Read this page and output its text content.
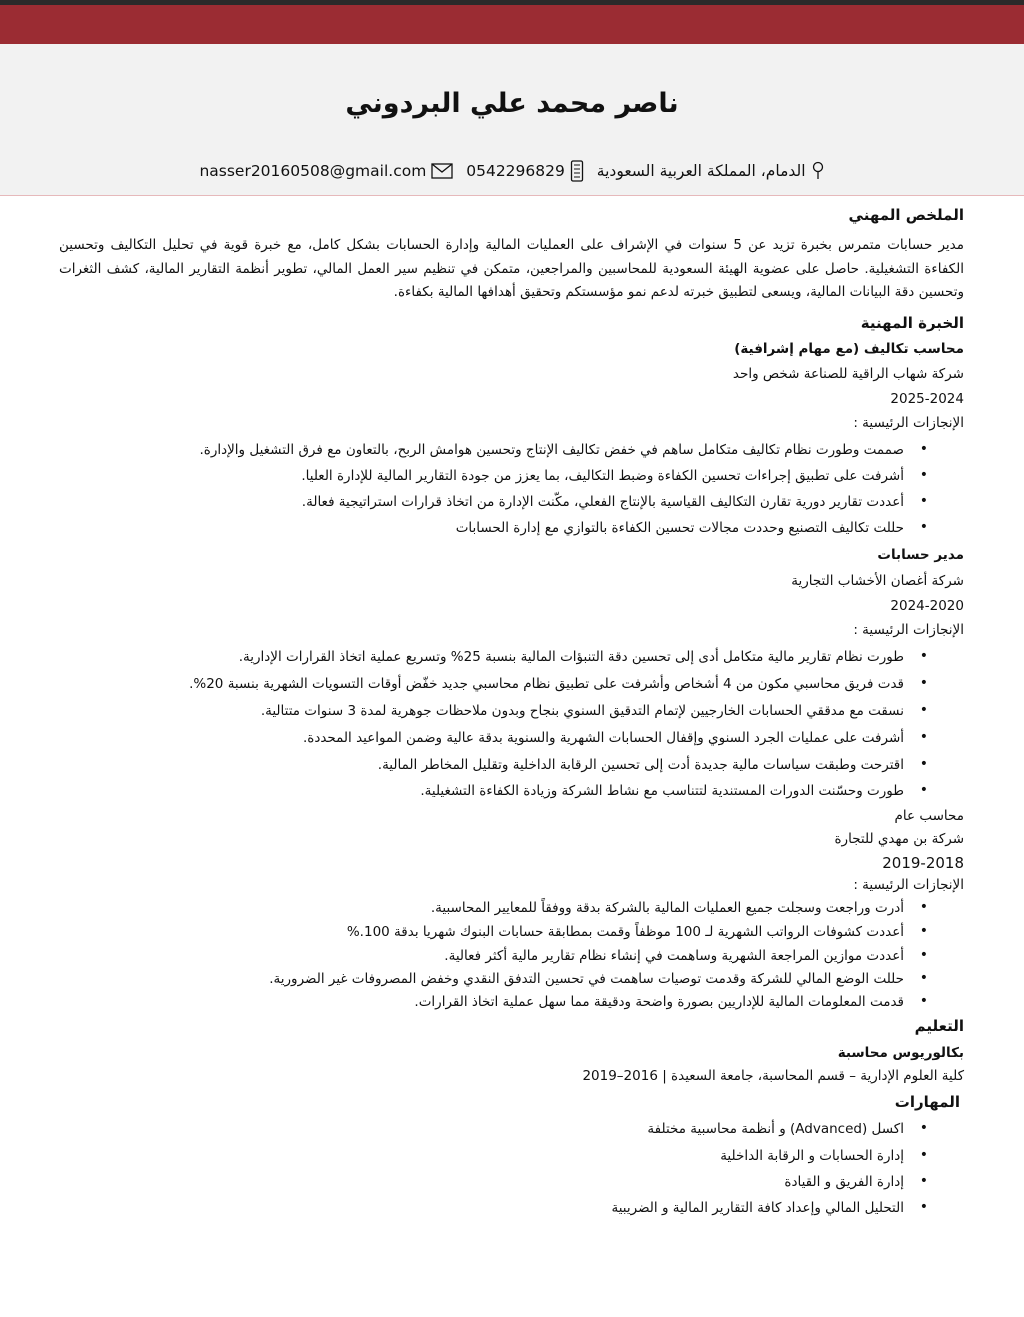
ناصر محمد علي البردوني
الدمام، المملكة العربية السعودية

0542296829

nasser20160508@gmail.com
الملخص المهني
مدير حسابات متمرس بخبرة تزيد عن 5 سنوات في الإشراف على العمليات المالية وإدارة الحسابات بشكل كامل، مع خبرة قوية في تحليل التكاليف وتحسين الكفاءة التشغيلية. حاصل على عضوية الهيئة السعودية للمحاسبين والمراجعين، متمكن في تنظيم سير العمل المالي، تطوير أنظمة التقارير المالية، كشف الثغرات وتحسين دقة البيانات المالية، ويسعى لتطبيق خبرته لدعم نمو مؤسستكم وتحقيق أهدافها المالية بكفاءة.
الخبرة المهنية
محاسب تكاليف (مع مهام إشرافية)
شركة شهاب الراقية للصناعة شخص واحد
2025-2024
الإنجازات الرئيسية :
• صممت وطورت نظام تكاليف متكامل ساهم في خفض تكاليف الإنتاج وتحسين هوامش الربح، بالتعاون مع فرق التشغيل والإدارة.
• أشرفت على تطبيق إجراءات تحسين الكفاءة وضبط التكاليف، بما يعزز من جودة التقارير المالية للإدارة العليا.
• أعددت تقارير دورية تقارن التكاليف القياسية بالإنتاج الفعلي، مكّنت الإدارة من اتخاذ قرارات استراتيجية فعالة.
• حللت تكاليف التصنيع وحددت مجالات تحسين الكفاءة بالتوازي مع إدارة الحسابات
مدير حسابات
شركة أغصان الأخشاب التجارية
2024-2020
الإنجازات الرئيسية :
• طورت نظام تقارير مالية متكامل أدى إلى تحسين دقة التنبؤات المالية بنسبة 25% وتسريع عملية اتخاذ القرارات الإدارية.
• قدت فريق محاسبي مكون من 4 أشخاص وأشرفت على تطبيق نظام محاسبي جديد خفّض أوقات التسويات الشهرية بنسبة 20%.
• نسقت مع مدققي الحسابات الخارجيين لإتمام التدقيق السنوي بنجاح وبدون ملاحظات جوهرية لمدة 3 سنوات متتالية.
• أشرفت على عمليات الجرد السنوي وإقفال الحسابات الشهرية والسنوية بدقة عالية وضمن المواعيد المحددة.
• اقترحت وطبقت سياسات مالية جديدة أدت إلى تحسين الرقابة الداخلية وتقليل المخاطر المالية.
• طورت وحسّنت الدورات المستندية لتتناسب مع نشاط الشركة وزيادة الكفاءة التشغيلية.
محاسب عام
شركة بن مهدي للتجارة
2019-2018
الإنجازات الرئيسية :
• أدرت وراجعت وسجلت جميع العمليات المالية بالشركة بدقة ووفقاً للمعايير المحاسبية.
• أعددت كشوفات الرواتب الشهرية لـ 100 موظفاً وقمت بمطابقة حسابات البنوك شهريا بدقة 100.%
• أعددت موازين المراجعة الشهرية وساهمت في إنشاء نظام تقارير مالية أكثر فعالية.
• حللت الوضع المالي للشركة وقدمت توصيات ساهمت في تحسين التدفق النقدي وخفض المصروفات غير الضرورية.
• قدمت المعلومات المالية للإداريين بصورة واضحة ودقيقة مما سهل عملية اتخاذ القرارات.
التعليم
بكالوريوس محاسبة
كلية العلوم الإدارية – قسم المحاسبة، جامعة السعيدة | 2016–2019
المهارات
• اكسل (Advanced) و أنظمة محاسبية مختلفة
• إدارة الحسابات و الرقابة الداخلية
• إدارة الفريق و القيادة
• التحليل المالي وإعداد كافة التقارير المالية و الضريبية
